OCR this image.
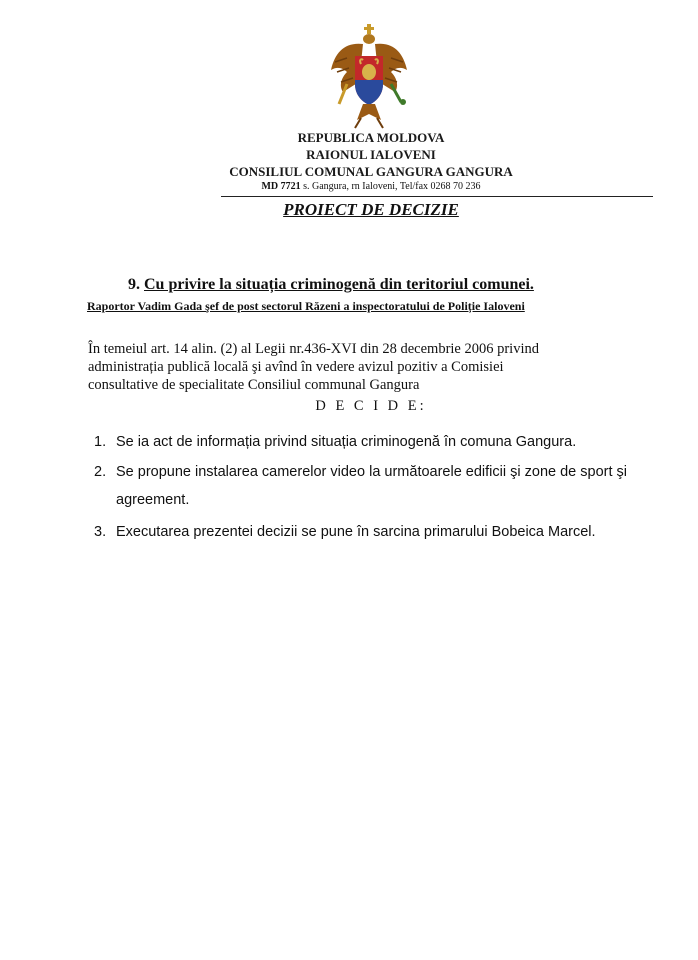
REPUBLICA MOLDOVA
RAIONUL IALOVENI
CONSILIUL COMUNAL GANGURA GANGURA
MD 7721 s. Gangura, rn Ialoveni, Tel/fax 0268 70 236
PROIECT DE DECIZIE
9. Cu privire la situația criminogenă din teritoriul comunei.
Raportor Vadim Gada şef de post sectorul Răzeni a inspectoratului de Poliție Ialoveni
În temeiul art. 14 alin. (2) al Legii nr.436-XVI din 28 decembrie 2006 privind
administrația publică locală şi avînd în vedere avizul pozitiv a Comisiei
consultative de specialitate Consiliul communal Gangura
D E C I D E:
1. Se ia act de informația privind situația criminogenă în comuna Gangura.
2. Se propune instalarea camerelor video la următoarele edificii şi zone de sport şi
agreement.
3. Executarea prezentei decizii se pune în sarcina primarului Bobeica Marcel.
